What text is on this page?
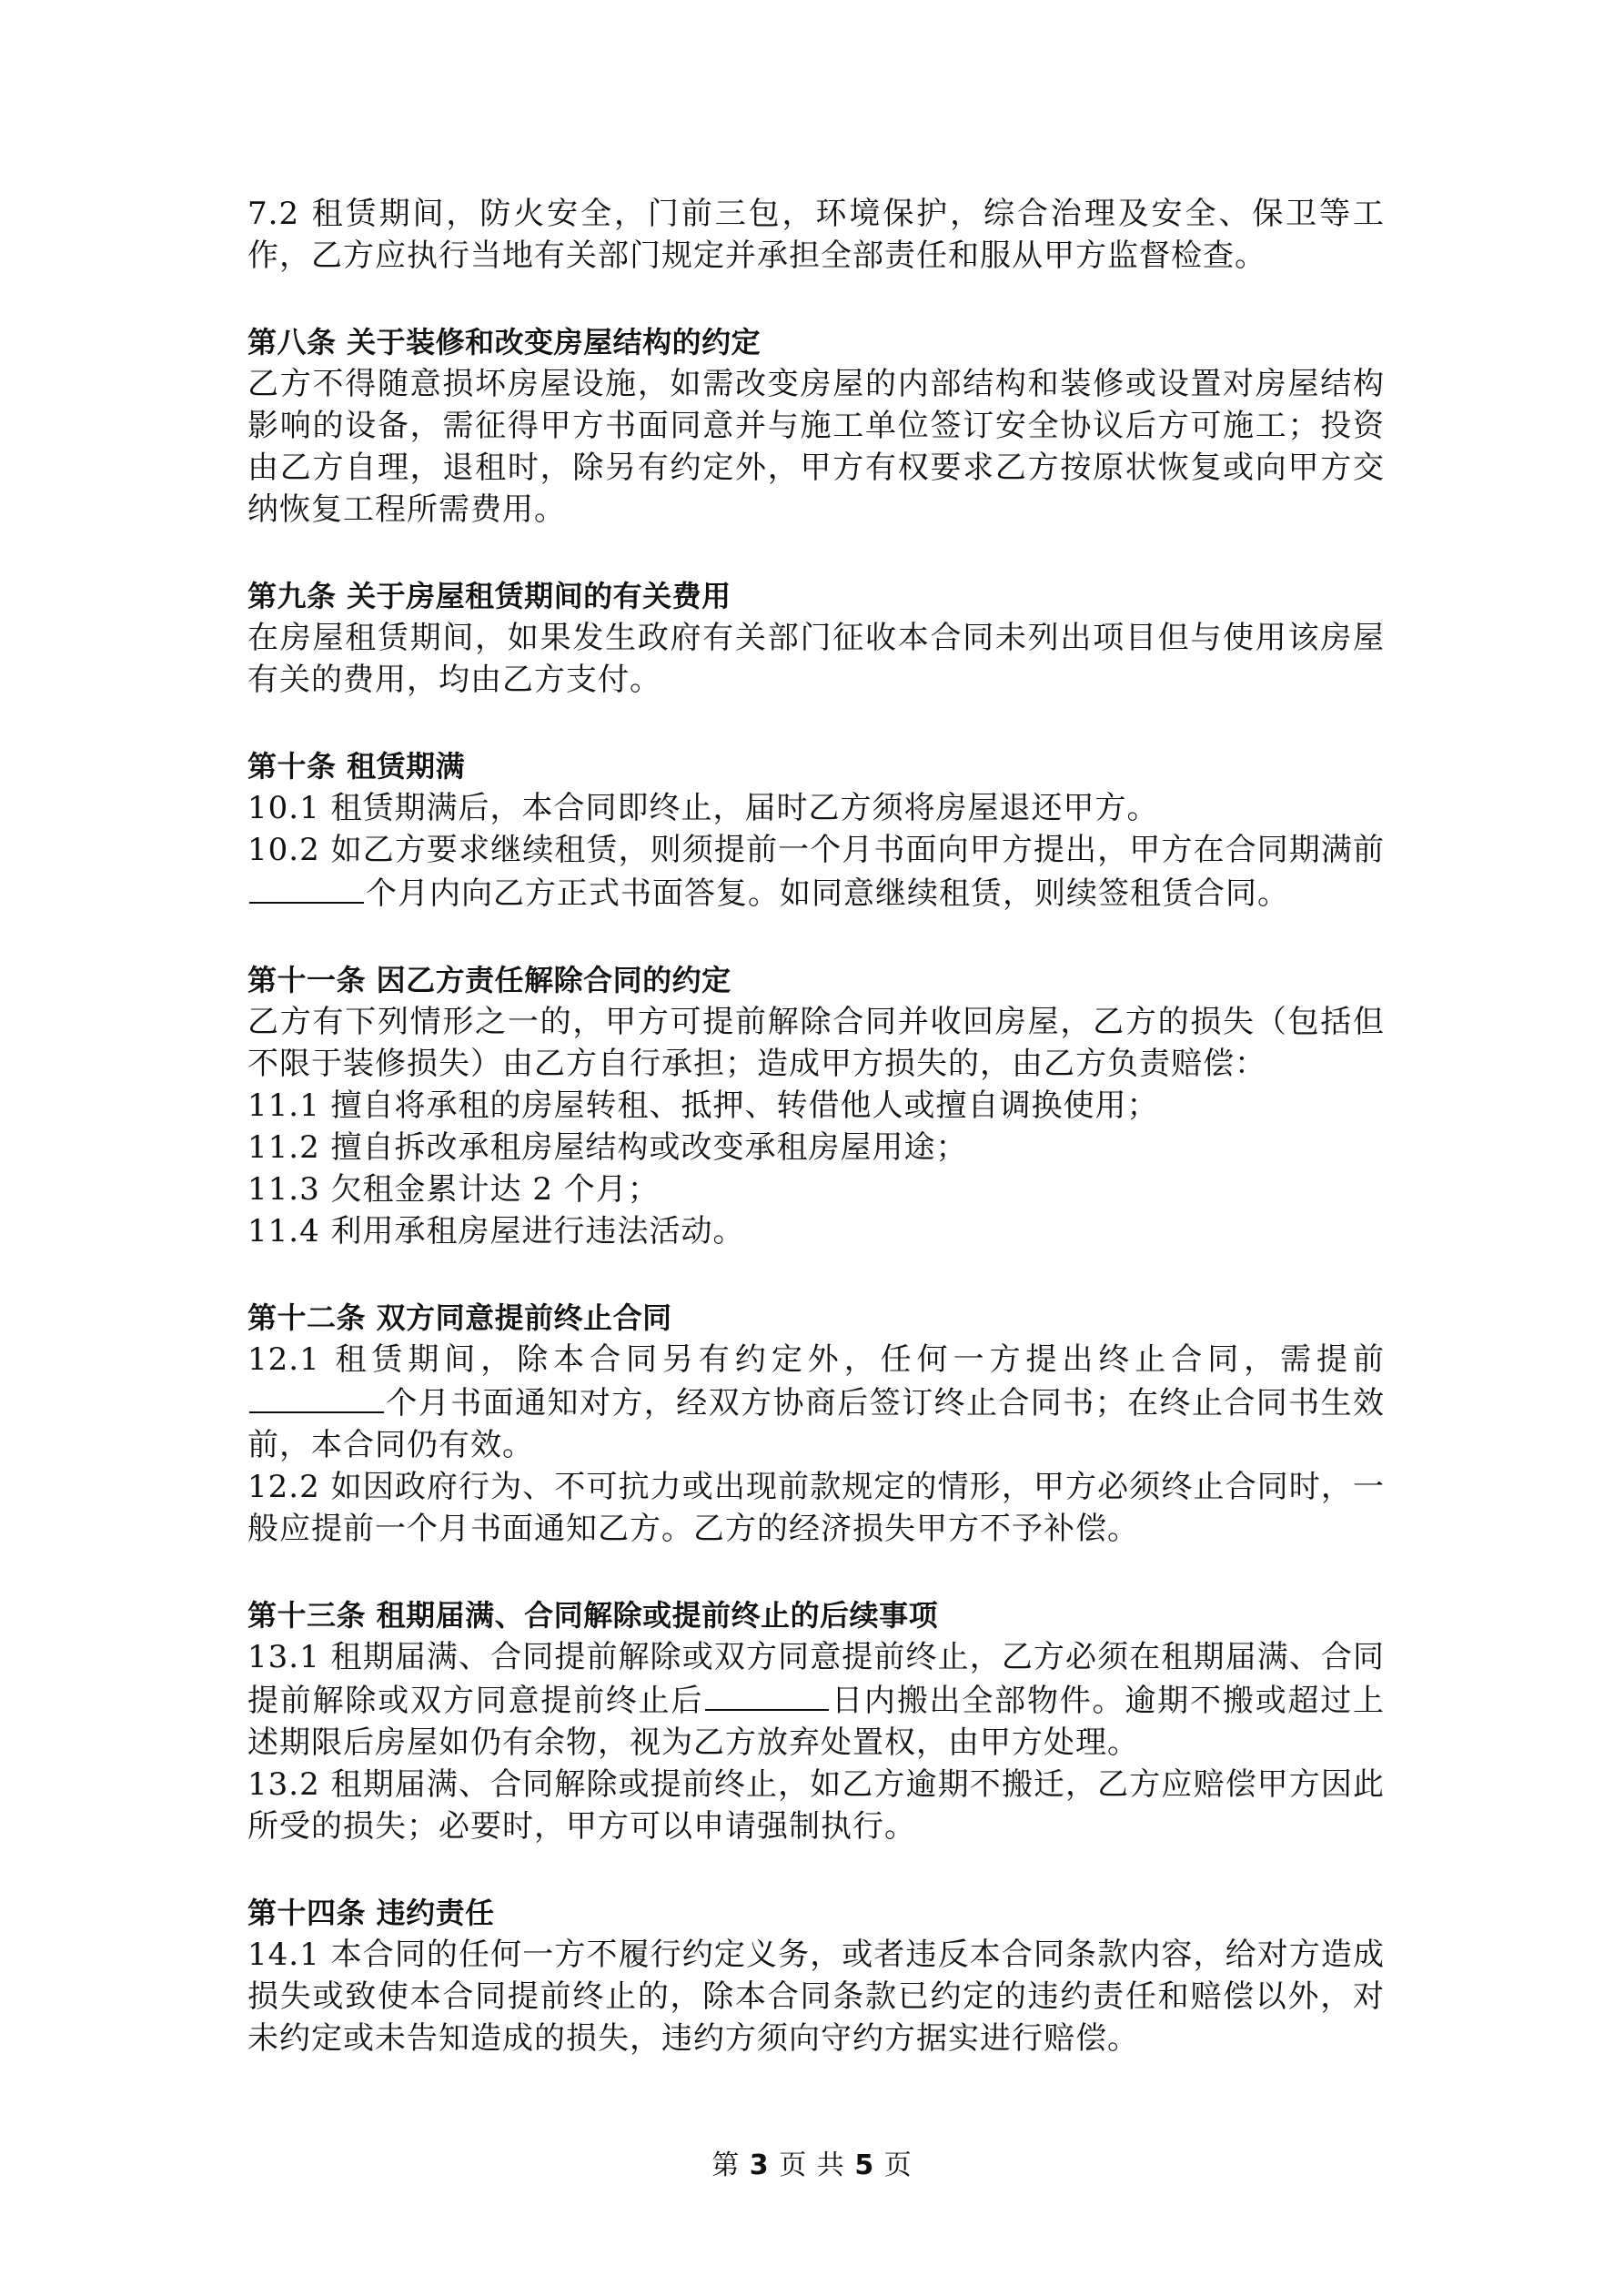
7.2 租赁期间，防火安全，门前三包，环境保护，综合治理及安全、保卫等工作，乙方应执行当地有关部门规定并承担全部责任和服从甲方监督检查。

第八条 关于装修和改变房屋结构的约定

乙方不得随意损坏房屋设施，如需改变房屋的内部结构和装修或设置对房屋结构影响的设备，需征得甲方书面同意并与施工单位签订安全协议后方可施工；投资由乙方自理，退租时，除另有约定外，甲方有权要求乙方按原状恢复或向甲方交纳恢复工程所需费用。

第九条 关于房屋租赁期间的有关费用

在房屋租赁期间，如果发生政府有关部门征收本合同未列出项目但与使用该房屋有关的费用，均由乙方支付。

第十条 租赁期满

10.1 租赁期满后，本合同即终止，届时乙方须将房屋退还甲方。

10.2 如乙方要求继续租赁，则须提前一个月书面向甲方提出，甲方在合同期满前个月内向乙方正式书面答复。如同意继续租赁，则续签租赁合同。

第十一条 因乙方责任解除合同的约定

乙方有下列情形之一的，甲方可提前解除合同并收回房屋，乙方的损失（包括但不限于装修损失）由乙方自行承担；造成甲方损失的，由乙方负责赔偿：

11.1 擅自将承租的房屋转租、抵押、转借他人或擅自调换使用；

11.2 擅自拆改承租房屋结构或改变承租房屋用途；

11.3 欠租金累计达 2 个月；

11.4 利用承租房屋进行违法活动。

第十二条 双方同意提前终止合同

12.1 租赁期间，除本合同另有约定外，任何一方提出终止合同，需提前个月书面通知对方，经双方协商后签订终止合同书；在终止合同书生效前，本合同仍有效。

12.2 如因政府行为、不可抗力或出现前款规定的情形，甲方必须终止合同时，一般应提前一个月书面通知乙方。乙方的经济损失甲方不予补偿。

第十三条 租期届满、合同解除或提前终止的后续事项

13.1 租期届满、合同提前解除或双方同意提前终止，乙方必须在租期届满、合同提前解除或双方同意提前终止后	日内搬出全部物件。逾期不搬或超过上述期限后房屋如仍有余物，视为乙方放弃处置权，由甲方处理。

13.2 租期届满、合同解除或提前终止，如乙方逾期不搬迁，乙方应赔偿甲方因此所受的损失；必要时，甲方可以申请强制执行。

第十四条 违约责任

14.1 本合同的任何一方不履行约定义务，或者违反本合同条款内容，给对方造成损失或致使本合同提前终止的，除本合同条款已约定的违约责任和赔偿以外，对未约定或未告知造成的损失，违约方须向守约方据实进行赔偿。

第 3 页 共 5 页
